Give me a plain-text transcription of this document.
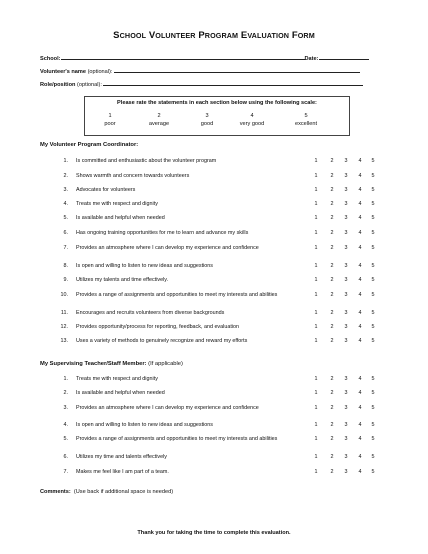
SCHOOL VOLUNTEER PROGRAM EVALUATION FORM
School:	Date:
Volunteer's name (optional):
Role/position (optional):
Please rate the statements in each section below using the following scale:
1
poor
2
average
3
good
4
very good
5
excellent
My Volunteer Program Coordinator:
1. Is committed and enthusiastic about the volunteer program	1	2	3	4	5
2. Shows warmth and concern towards volunteers	1	2	3	4	5
3. Advocates for volunteers	1	2	3	4	5
4. Treats me with respect and dignity	1	2	3	4	5
5. Is available and helpful when needed	1	2	3	4	5
6. Has ongoing training opportunities for me to learn and advance my skills	1	2	3	4	5
7. Provides an atmosphere where I can develop my experience and confidence	1	2	3	4	5
8. Is open and willing to listen to new ideas and suggestions	1	2	3	4	5
9. Utilizes my talents and time effectively.	1	2	3	4	5
10. Provides a range of assignments and opportunities to meet my interests and abilities	1	2	3	4	5
11. Encourages and recruits volunteers from diverse backgrounds	1	2	3	4	5
12. Provides opportunity/process for reporting, feedback, and evaluation	1	2	3	4	5
13. Uses a variety of methods to genuinely recognize and reward my efforts	1	2	3	4	5
My Supervising Teacher/Staff Member: (If applicable)
1. Treats me with respect and dignity	1	2	3	4	5
2. Is available and helpful when needed	1	2	3	4	5
3. Provides an atmosphere where I can develop my experience and confidence	1	2	3	4	5
4. Is open and willing to listen to new ideas and suggestions	1	2	3	4	5
5. Provides a range of assignments and opportunities to meet my interests and abilities	1	2	3	4	5
6. Utilizes my time and talents effectively	1	2	3	4	5
7. Makes me feel like I am part of a team.	1	2	3	4	5
Comments: (Use back if additional space is needed)
Thank you for taking the time to complete this evaluation.
